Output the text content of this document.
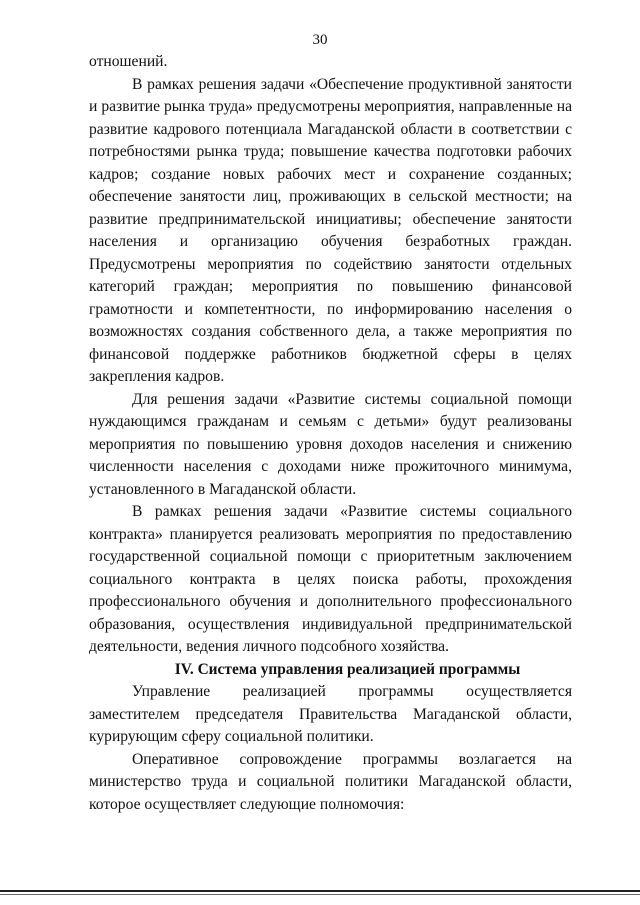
30

отношений.

В рамках решения задачи «Обеспечение продуктивной занятости и развитие рынка труда» предусмотрены мероприятия, направленные на развитие кадрового потенциала Магаданской области в соответствии с потребностями рынка труда; повышение качества подготовки рабочих кадров; создание новых рабочих мест и сохранение созданных; обеспечение занятости лиц, проживающих в сельской местности; на развитие предпринимательской инициативы; обеспечение занятости населения и организацию обучения безработных граждан. Предусмотрены мероприятия по содействию занятости отдельных категорий граждан; мероприятия по повышению финансовой грамотности и компетентности, по информированию населения о возможностях создания собственного дела, а также мероприятия по финансовой поддержке работников бюджетной сферы в целях закрепления кадров.

Для решения задачи «Развитие системы социальной помощи нуждающимся гражданам и семьям с детьми» будут реализованы мероприятия по повышению уровня доходов населения и снижению численности населения с доходами ниже прожиточного минимума, установленного в Магаданской области.

В рамках решения задачи «Развитие системы социального контракта» планируется реализовать мероприятия по предоставлению государственной социальной помощи с приоритетным заключением социального контракта в целях поиска работы, прохождения профессионального обучения и дополнительного профессионального образования, осуществления индивидуальной предпринимательской деятельности, ведения личного подсобного хозяйства.

IV. Система управления реализацией программы

Управление реализацией программы осуществляется заместителем председателя Правительства Магаданской области, курирующим сферу социальной политики.

Оперативное сопровождение программы возлагается на министерство труда и социальной политики Магаданской области, которое осуществляет следующие полномочия:
